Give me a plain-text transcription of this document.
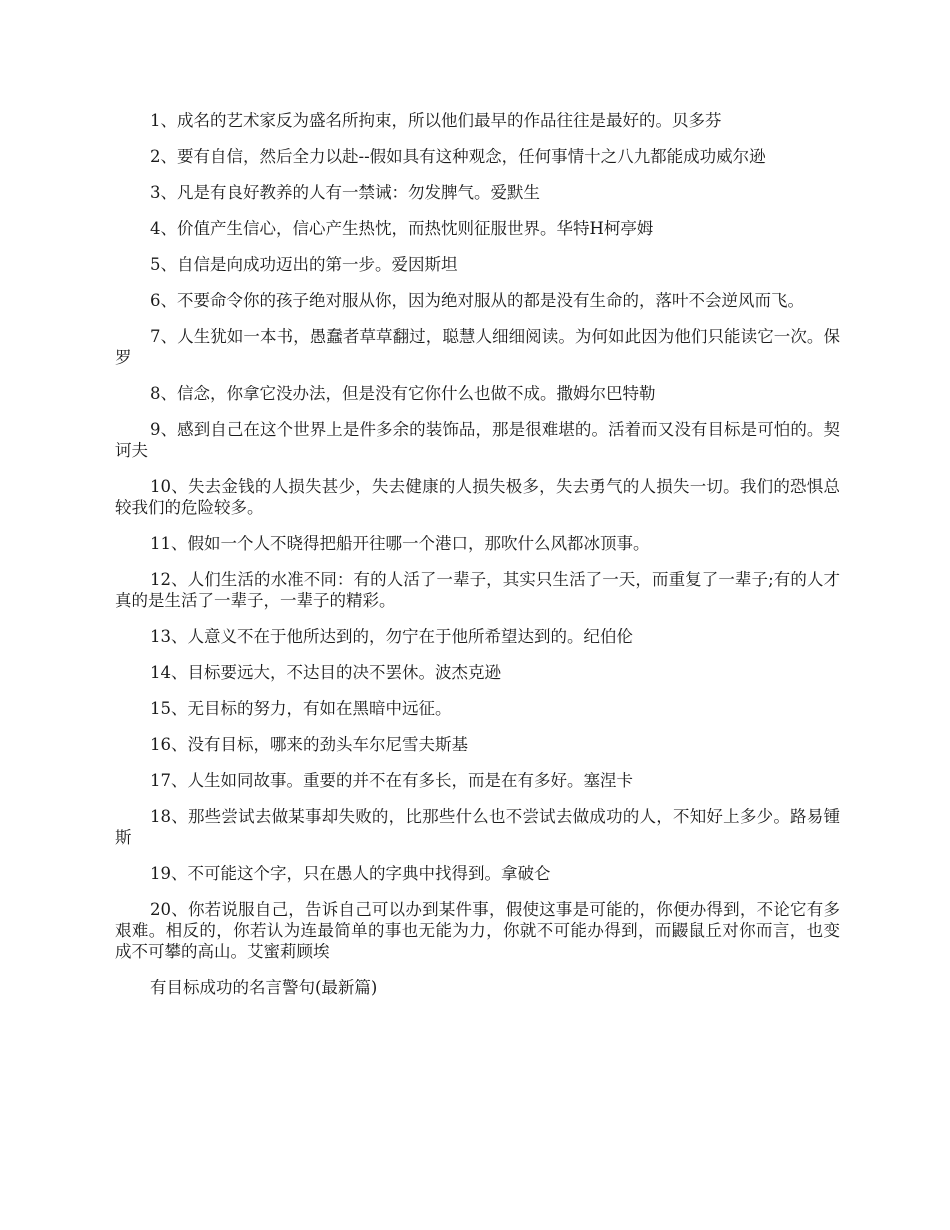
1、成名的艺术家反为盛名所拘束，所以他们最早的作品往往是最好的。贝多芬

2、要有自信，然后全力以赴--假如具有这种观念，任何事情十之八九都能成功威尔逊

3、凡是有良好教养的人有一禁诫：勿发脾气。爱默生

4、价值产生信心，信心产生热忱，而热忱则征服世界。华特H柯亭姆

5、自信是向成功迈出的第一步。爱因斯坦

6、不要命令你的孩子绝对服从你，因为绝对服从的都是没有生命的，落叶不会逆风而飞。

7、人生犹如一本书，愚蠢者草草翻过，聪慧人细细阅读。为何如此因为他们只能读它一次。保罗

8、信念，你拿它没办法，但是没有它你什么也做不成。撒姆尔巴特勒

9、感到自己在这个世界上是件多余的装饰品，那是很难堪的。活着而又没有目标是可怕的。契诃夫

10、失去金钱的人损失甚少，失去健康的人损失极多，失去勇气的人损失一切。我们的恐惧总较我们的危险较多。

11、假如一个人不晓得把船开往哪一个港口，那吹什么风都冰顶事。

12、人们生活的水准不同：有的人活了一辈子，其实只生活了一天，而重复了一辈子;有的人才真的是生活了一辈子，一辈子的精彩。

13、人意义不在于他所达到的，勿宁在于他所希望达到的。纪伯伦

14、目标要远大，不达目的决不罢休。波杰克逊

15、无目标的努力，有如在黑暗中远征。

16、没有目标，哪来的劲头车尔尼雪夫斯基

17、人生如同故事。重要的并不在有多长，而是在有多好。塞涅卡

18、那些尝试去做某事却失败的，比那些什么也不尝试去做成功的人，不知好上多少。路易锺斯

19、不可能这个字，只在愚人的字典中找得到。拿破仑

20、你若说服自己，告诉自己可以办到某件事，假使这事是可能的，你便办得到，不论它有多艰难。相反的，你若认为连最简单的事也无能为力，你就不可能办得到，而鼹鼠丘对你而言，也变成不可攀的高山。艾蜜莉顾埃

有目标成功的名言警句(最新篇)
